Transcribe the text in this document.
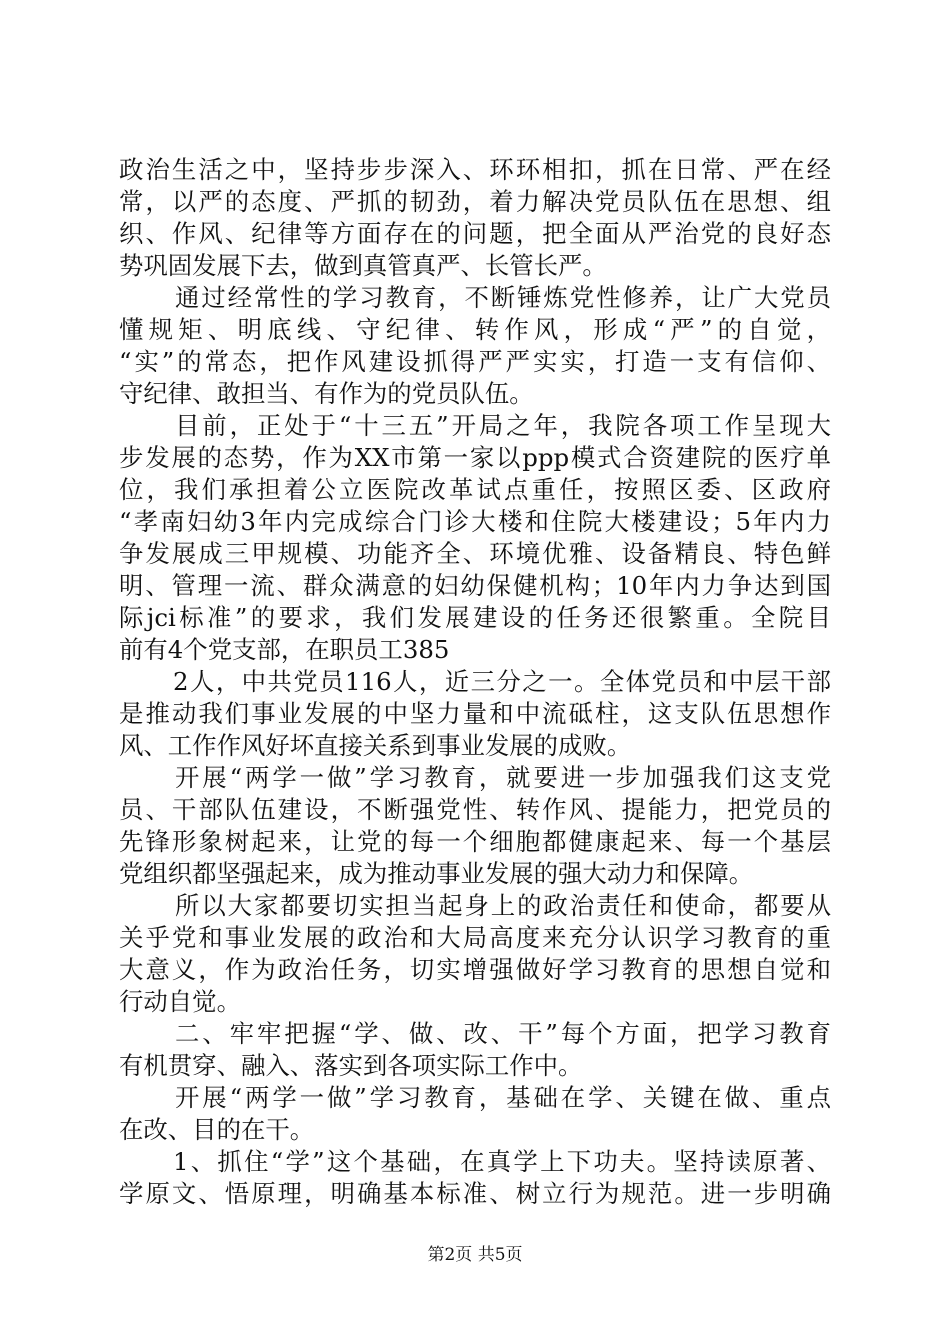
政治生活之中，坚持步步深入、环环相扣，抓在日常、严在经
常，以严的态度、严抓的韧劲，着力解决党员队伍在思想、组
织、作风、纪律等方面存在的问题，把全面从严治党的良好态
势巩固发展下去，做到真管真严、长管长严。
通过经常性的学习教育，不断锤炼党性修养，让广大党员
懂规矩、明底线、守纪律、转作风，形成“严”的自觉，
“实”的常态，把作风建设抓得严严实实，打造一支有信仰、
守纪律、敢担当、有作为的党员队伍。
目前，正处于“十三五”开局之年，我院各项工作呈现大
步发展的态势，作为XX市第一家以ppp模式合资建院的医疗单
位，我们承担着公立医院改革试点重任，按照区委、区政府
“孝南妇幼3年内完成综合门诊大楼和住院大楼建设；5年内力
争发展成三甲规模、功能齐全、环境优雅、设备精良、特色鲜
明、管理一流、群众满意的妇幼保健机构；10年内力争达到国
际jci标准”的要求，我们发展建设的任务还很繁重。全院目
前有4个党支部，在职员工385
2人，中共党员116人，近三分之一。全体党员和中层干部
是推动我们事业发展的中坚力量和中流砥柱，这支队伍思想作
风、工作作风好坏直接关系到事业发展的成败。
开展“两学一做”学习教育，就要进一步加强我们这支党
员、干部队伍建设，不断强党性、转作风、提能力，把党员的
先锋形象树起来，让党的每一个细胞都健康起来、每一个基层
党组织都坚强起来，成为推动事业发展的强大动力和保障。
所以大家都要切实担当起身上的政治责任和使命，都要从
关乎党和事业发展的政治和大局高度来充分认识学习教育的重
大意义，作为政治任务，切实增强做好学习教育的思想自觉和
行动自觉。
二、牢牢把握“学、做、改、干”每个方面，把学习教育
有机贯穿、融入、落实到各项实际工作中。
开展“两学一做”学习教育，基础在学、关键在做、重点
在改、目的在干。
1、抓住“学”这个基础，在真学上下功夫。坚持读原著、
学原文、悟原理，明确基本标准、树立行为规范。进一步明确
第2页 共5页
